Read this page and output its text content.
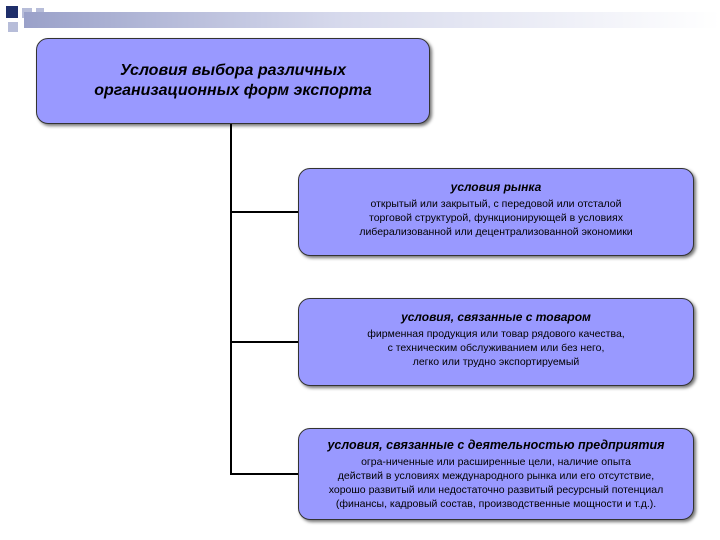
Условия выбора различных
организационных форм экспорта
условия рынка
открытый или закрытый, с передовой или отсталой
торговой структурой, функционирующей в условиях
либерализованной или децентрализованной экономики
условия, связанные с товаром
фирменная продукция или товар рядового качества,
с техническим обслуживанием или без него,
легко или трудно экспортируемый
условия, связанные с деятельностью предприятия
огра-ниченные или расширенные цели, наличие опыта
действий в условиях международного рынка или его отсутствие,
хорошо развитый или недостаточно развитый ресурсный потенциал
(финансы, кадровый состав, производственные мощности и т.д.).
